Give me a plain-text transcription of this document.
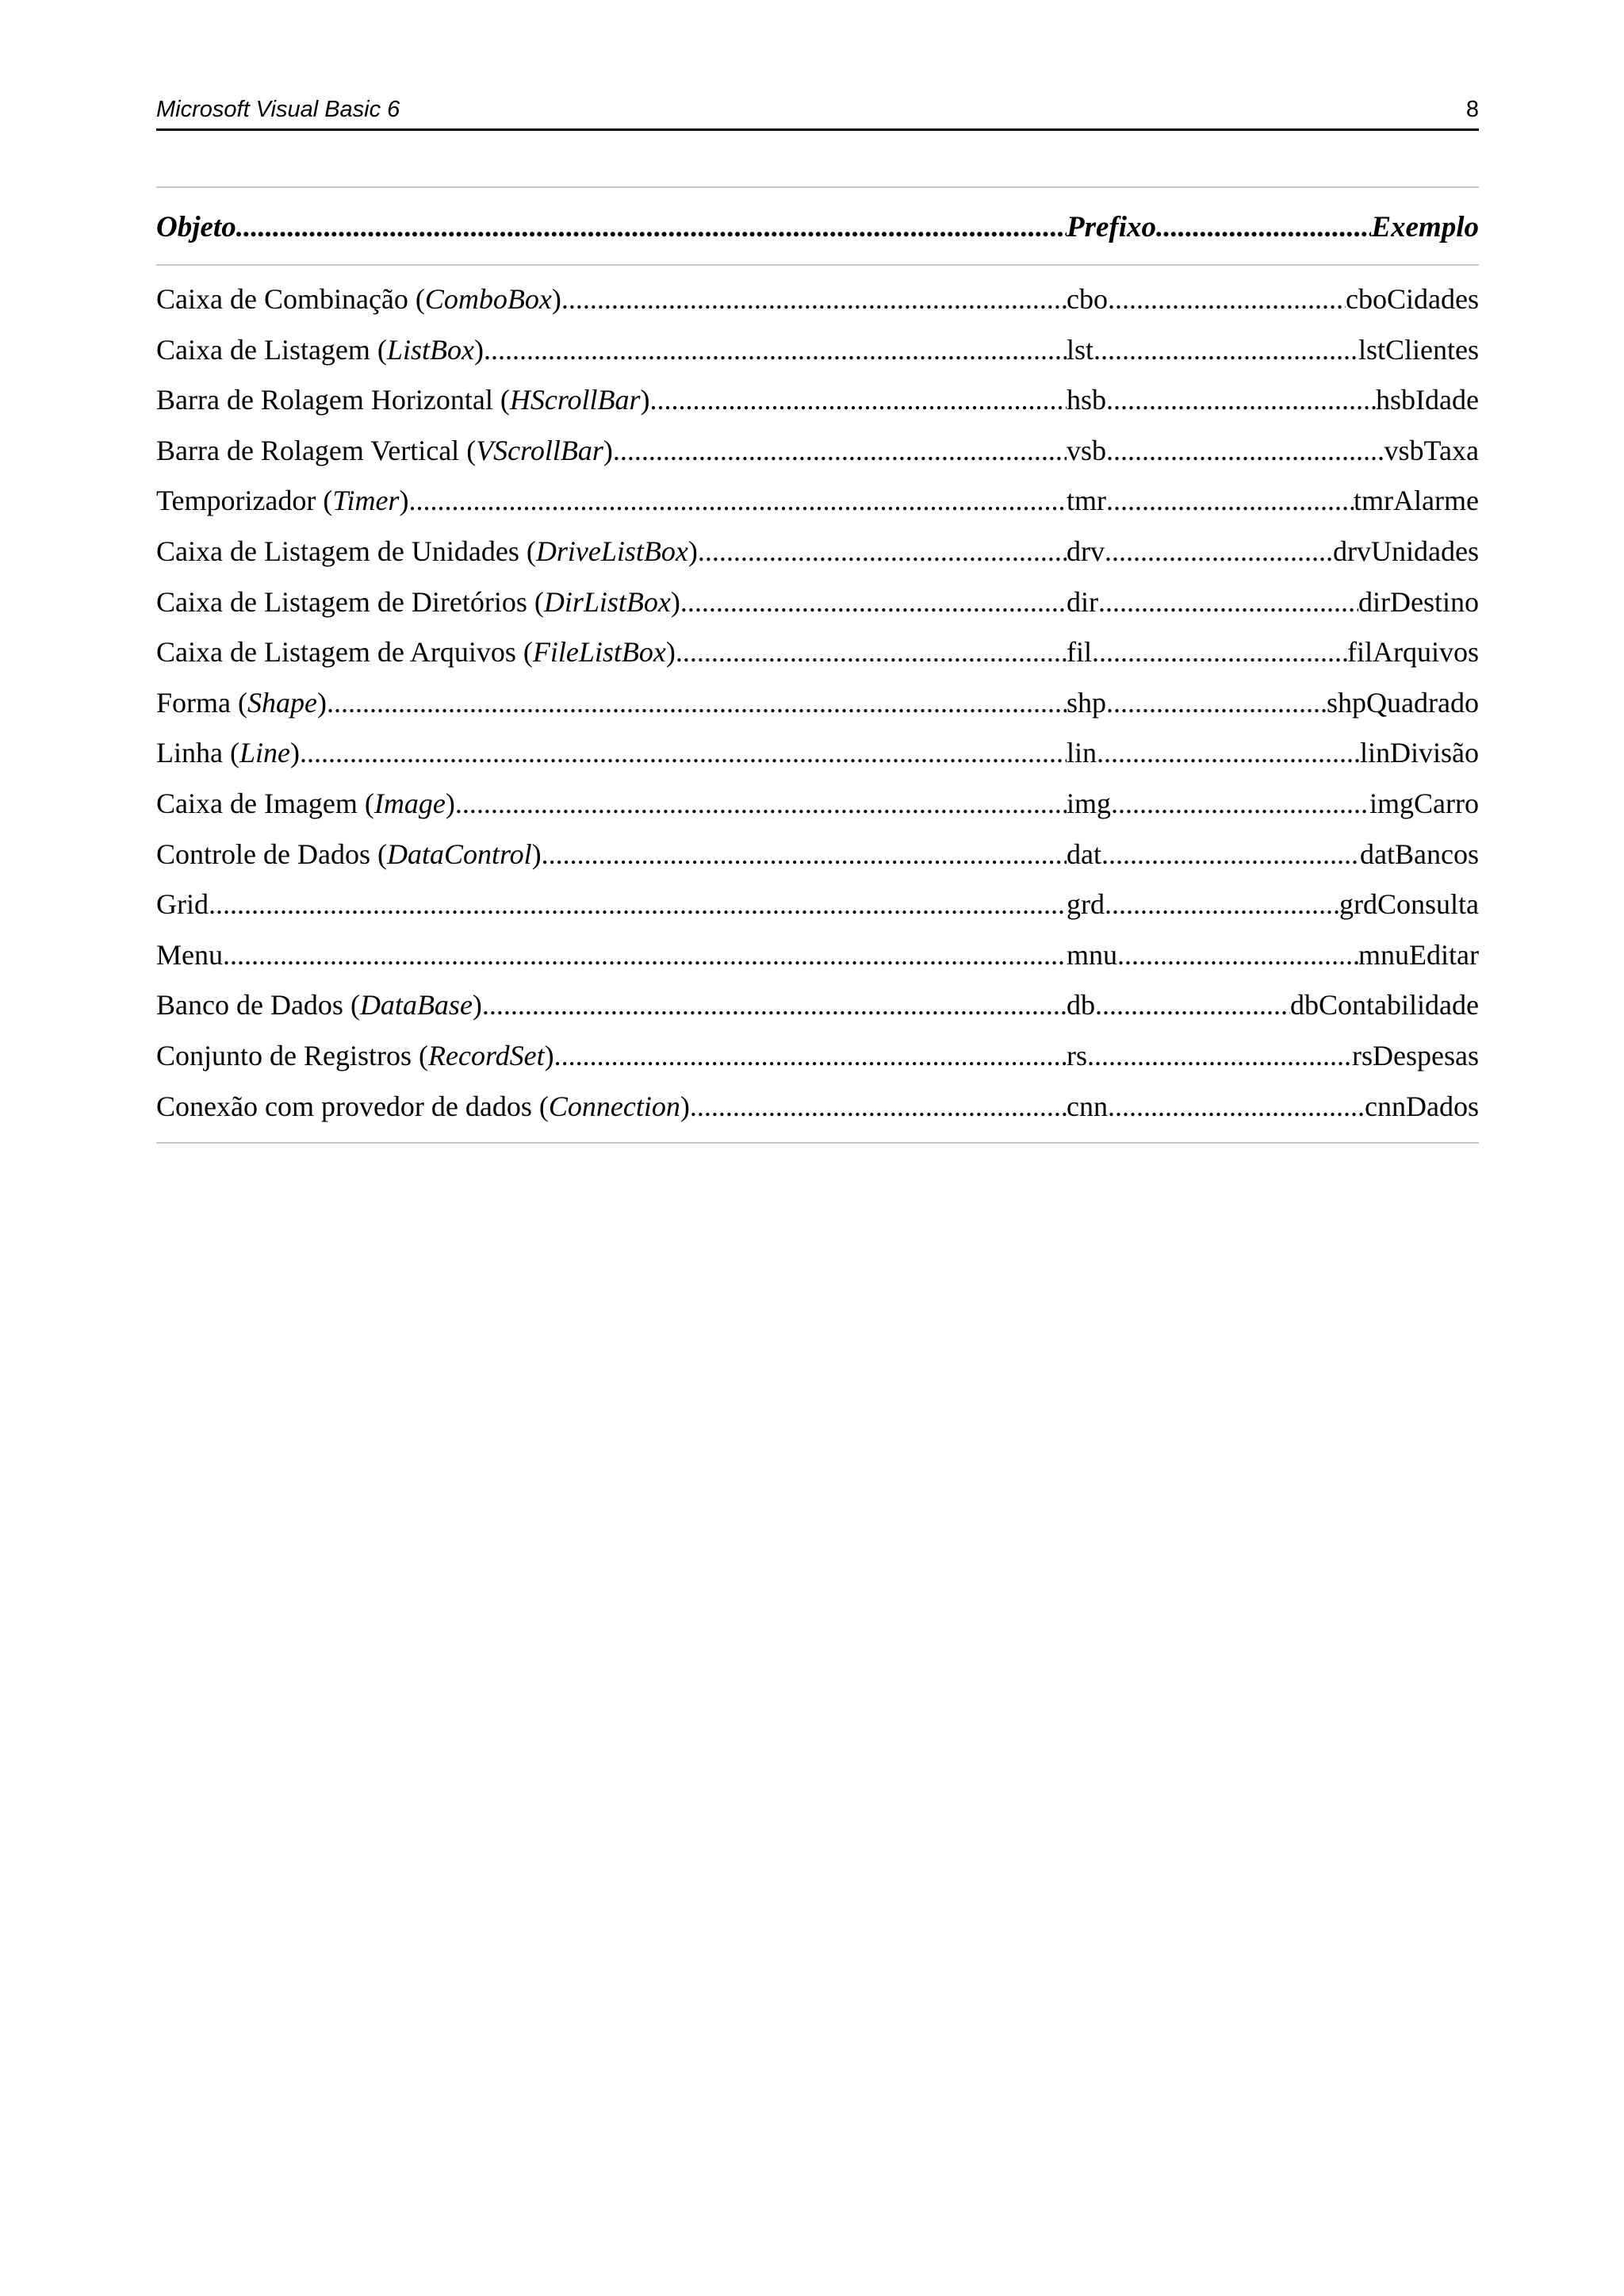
Microsoft Visual Basic 6	8
Objeto .....	Prefixo .....	Exemplo
Caixa de Combinação ( ComboBox ) .....	cbo .....	cboCidades
Caixa de Listagem ( ListBox ) .....	lst .....	lstClientes
Barra de Rolagem Horizontal ( HScrollBar ) .....	hsb .....	hsbIdade
Barra de Rolagem Vertical ( VScrollBar ) .....	vsb .....	vsbTaxa
Temporizador ( Timer ) .....	tmr .....	tmrAlarme
Caixa de Listagem de Unidades ( DriveListBox ) .....	drv .....	drvUnidades
Caixa de Listagem de Diretórios ( DirListBox ) .....	dir .....	dirDestino
Caixa de Listagem de Arquivos ( FileListBox ) .....	fil .....	filArquivos
Forma ( Shape ) .....	shp .....	shpQuadrado
Linha ( Line ) .....	lin .....	linDivisão
Caixa de Imagem ( Image ) .....	img .....	imgCarro
Controle de Dados ( DataControl ) .....	dat .....	datBancos
Grid .....	grd .....	grdConsulta
Menu .....	mnu .....	mnuEditar
Banco de Dados ( DataBase ) .....	db .....	dbContabilidade
Conjunto de Registros ( RecordSet ) .....	rs .....	rsDespesas
Conexão com provedor de dados ( Connection ) .....	cnn .....	cnnDados
